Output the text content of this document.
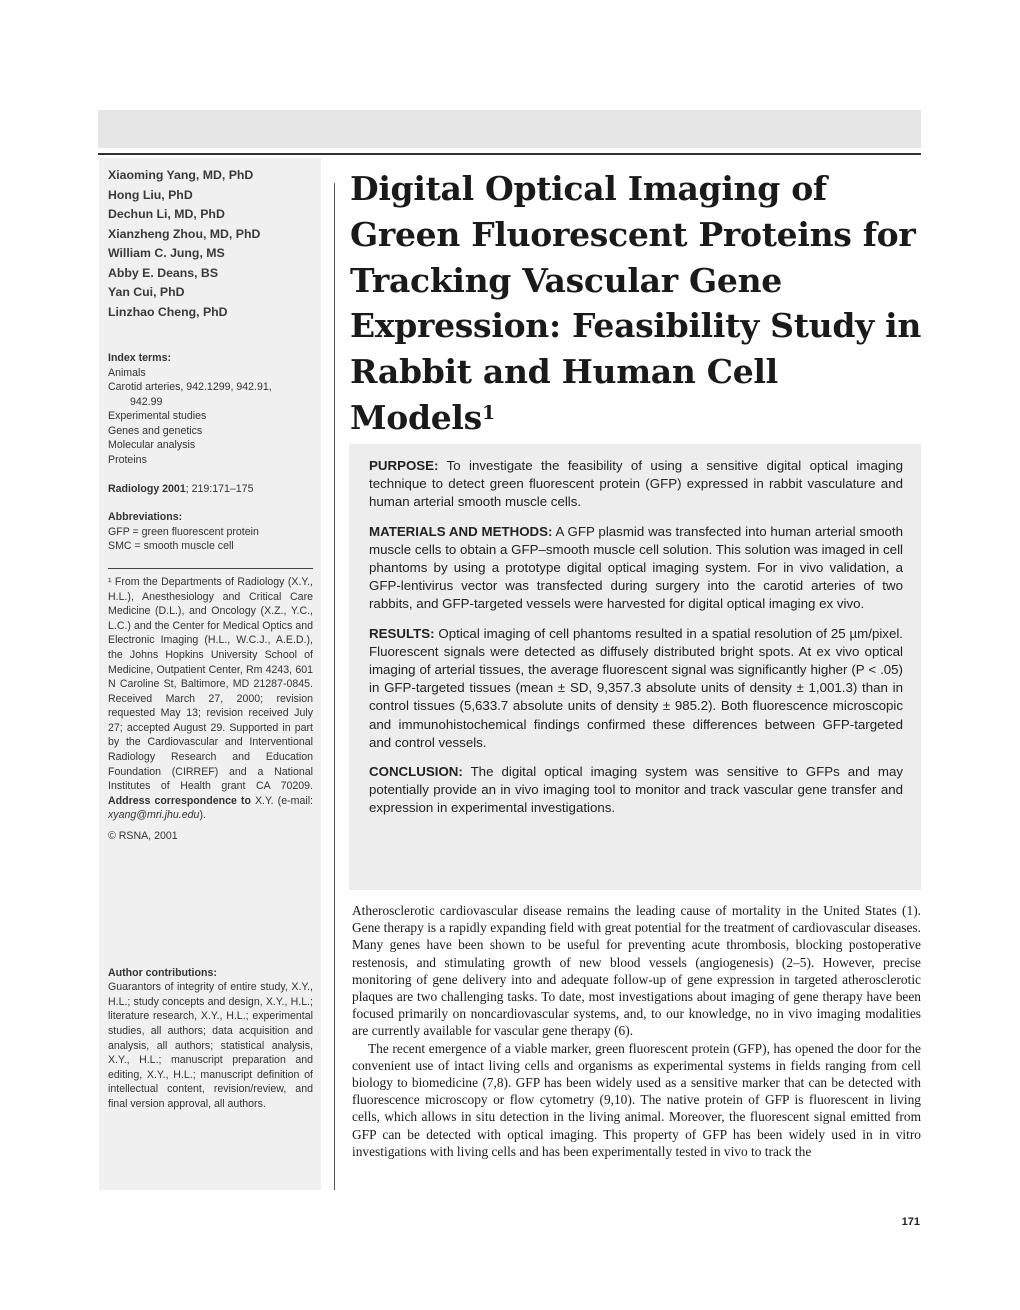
Xiaoming Yang, MD, PhD
Hong Liu, PhD
Dechun Li, MD, PhD
Xianzheng Zhou, MD, PhD
William C. Jung, MS
Abby E. Deans, BS
Yan Cui, PhD
Linzhao Cheng, PhD
Index terms:
Animals
Carotid arteries, 942.1299, 942.91,
942.99
Experimental studies
Genes and genetics
Molecular analysis
Proteins
Radiology 2001; 219:171–175
Abbreviations:
GFP = green fluorescent protein
SMC = smooth muscle cell
¹ From the Departments of Radiology (X.Y., H.L.), Anesthesiology and Critical Care Medicine (D.L.), and Oncology (X.Z., Y.C., L.C.) and the Center for Medical Optics and Electronic Imaging (H.L., W.C.J., A.E.D.), the Johns Hopkins University School of Medicine, Outpatient Center, Rm 4243, 601 N Caroline St, Baltimore, MD 21287-0845. Received March 27, 2000; revision requested May 13; revision received July 27; accepted August 29. Supported in part by the Cardiovascular and Interventional Radiology Research and Education Foundation (CIRREF) and a National Institutes of Health grant CA 70209. Address correspondence to X.Y. (e-mail: xyang@mri.jhu.edu).
© RSNA, 2001
Author contributions:
Guarantors of integrity of entire study, X.Y., H.L.; study concepts and design, X.Y., H.L.; literature research, X.Y., H.L.; experimental studies, all authors; data acquisition and analysis, all authors; statistical analysis, X.Y., H.L.; manuscript preparation and editing, X.Y., H.L.; manuscript definition of intellectual content, revision/review, and final version approval, all authors.
Digital Optical Imaging of Green Fluorescent Proteins for Tracking Vascular Gene Expression: Feasibility Study in Rabbit and Human Cell Models$^1$

PURPOSE: To investigate the feasibility of using a sensitive digital optical imaging technique to detect green fluorescent protein (GFP) expressed in rabbit vasculature and human arterial smooth muscle cells.

MATERIALS AND METHODS: A GFP plasmid was transfected into human arterial smooth muscle cells to obtain a GFP–smooth muscle cell solution. This solution was imaged in cell phantoms by using a prototype digital optical imaging system. For in vivo validation, a GFP-lentivirus vector was transfected during surgery into the carotid arteries of two rabbits, and GFP-targeted vessels were harvested for digital optical imaging ex vivo.

RESULTS: Optical imaging of cell phantoms resulted in a spatial resolution of 25 µm/pixel. Fluorescent signals were detected as diffusely distributed bright spots. At ex vivo optical imaging of arterial tissues, the average fluorescent signal was significantly higher (P < .05) in GFP-targeted tissues (mean ± SD, 9,357.3 absolute units of density ± 1,001.3) than in control tissues (5,633.7 absolute units of density ± 985.2). Both fluorescence microscopic and immunohistochemical findings confirmed these differences between GFP-targeted and control vessels.

CONCLUSION: The digital optical imaging system was sensitive to GFPs and may potentially provide an in vivo imaging tool to monitor and track vascular gene transfer and expression in experimental investigations.

Atherosclerotic cardiovascular disease remains the leading cause of mortality in the United States (1). Gene therapy is a rapidly expanding field with great potential for the treatment of cardiovascular diseases. Many genes have been shown to be useful for preventing acute thrombosis, blocking postoperative restenosis, and stimulating growth of new blood vessels (angiogenesis) (2–5). However, precise monitoring of gene delivery into and adequate follow-up of gene expression in targeted atherosclerotic plaques are two challenging tasks. To date, most investigations about imaging of gene therapy have been focused primarily on noncardiovascular systems, and, to our knowledge, no in vivo imaging modalities are currently available for vascular gene therapy (6).

The recent emergence of a viable marker, green fluorescent protein (GFP), has opened the door for the convenient use of intact living cells and organisms as experimental systems in fields ranging from cell biology to biomedicine (7,8). GFP has been widely used as a sensitive marker that can be detected with fluorescence microscopy or flow cytometry (9,10). The native protein of GFP is fluorescent in living cells, which allows in situ detection in the living animal. Moreover, the fluorescent signal emitted from GFP can be detected with optical imaging. This property of GFP has been widely used in in vitro investigations with living cells and has been experimentally tested in vivo to track the

171
